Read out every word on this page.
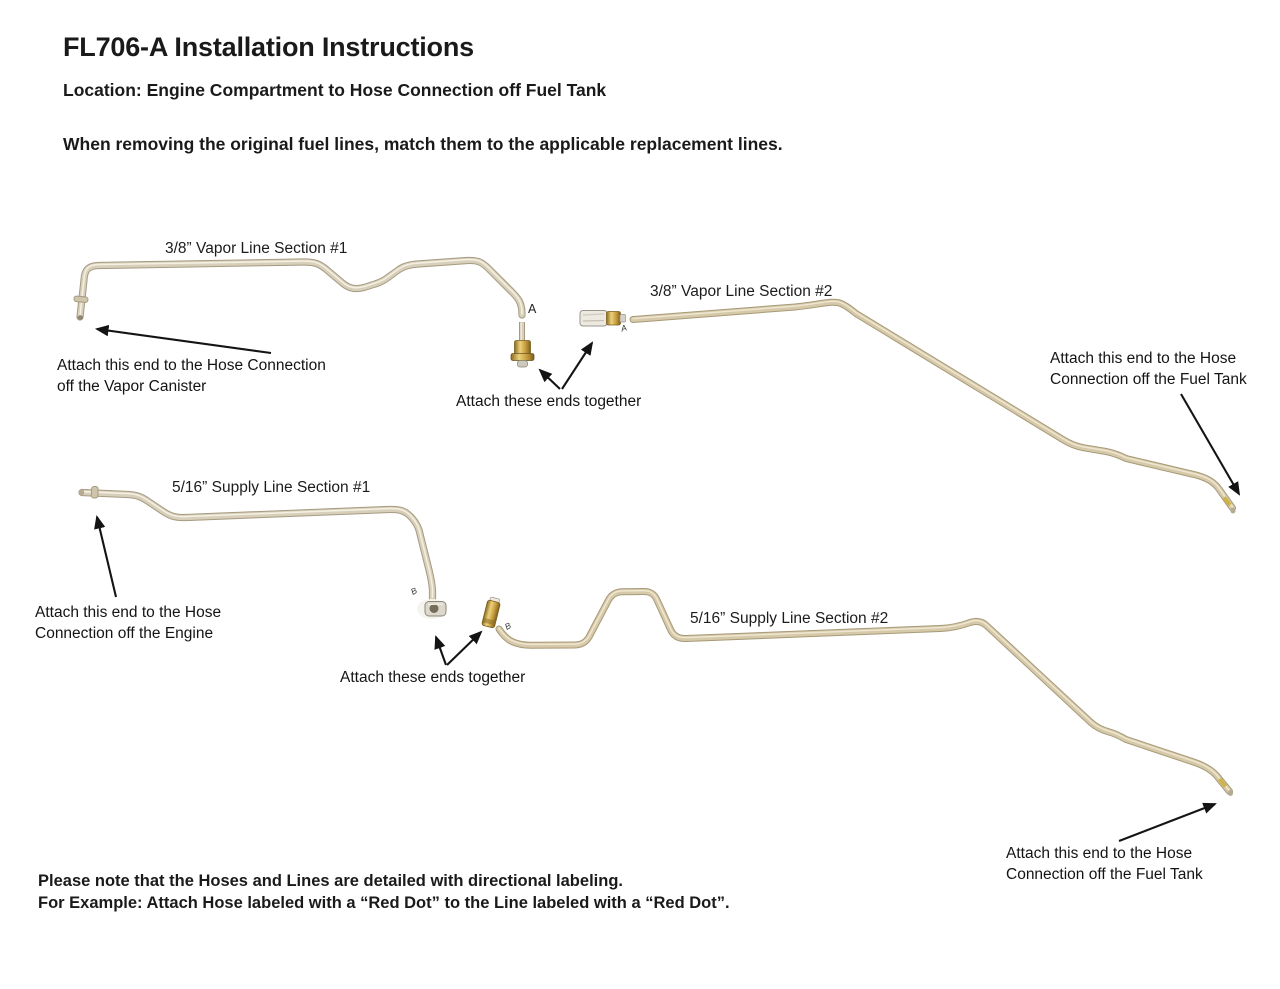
FL706-A Installation Instructions
Location: Engine Compartment to Hose Connection off Fuel Tank
When removing the original fuel lines, match them to the applicable replacement lines.
3/8” Vapor Line Section #1
3/8” Vapor Line Section #2
5/16” Supply Line Section #1
5/16” Supply Line Section #2
A
A
B
B
Attach this end to the Hose Connection
off the Vapor Canister
Attach these ends together
Attach this end to the Hose
Connection off the Fuel Tank
Attach this end to the Hose
Connection off the Engine
Attach these ends together
Attach this end to the Hose
Connection off the Fuel Tank
Please note that the Hoses and Lines are detailed with directional labeling.
For Example: Attach Hose labeled with a “Red Dot” to the Line labeled with a “Red Dot”.
